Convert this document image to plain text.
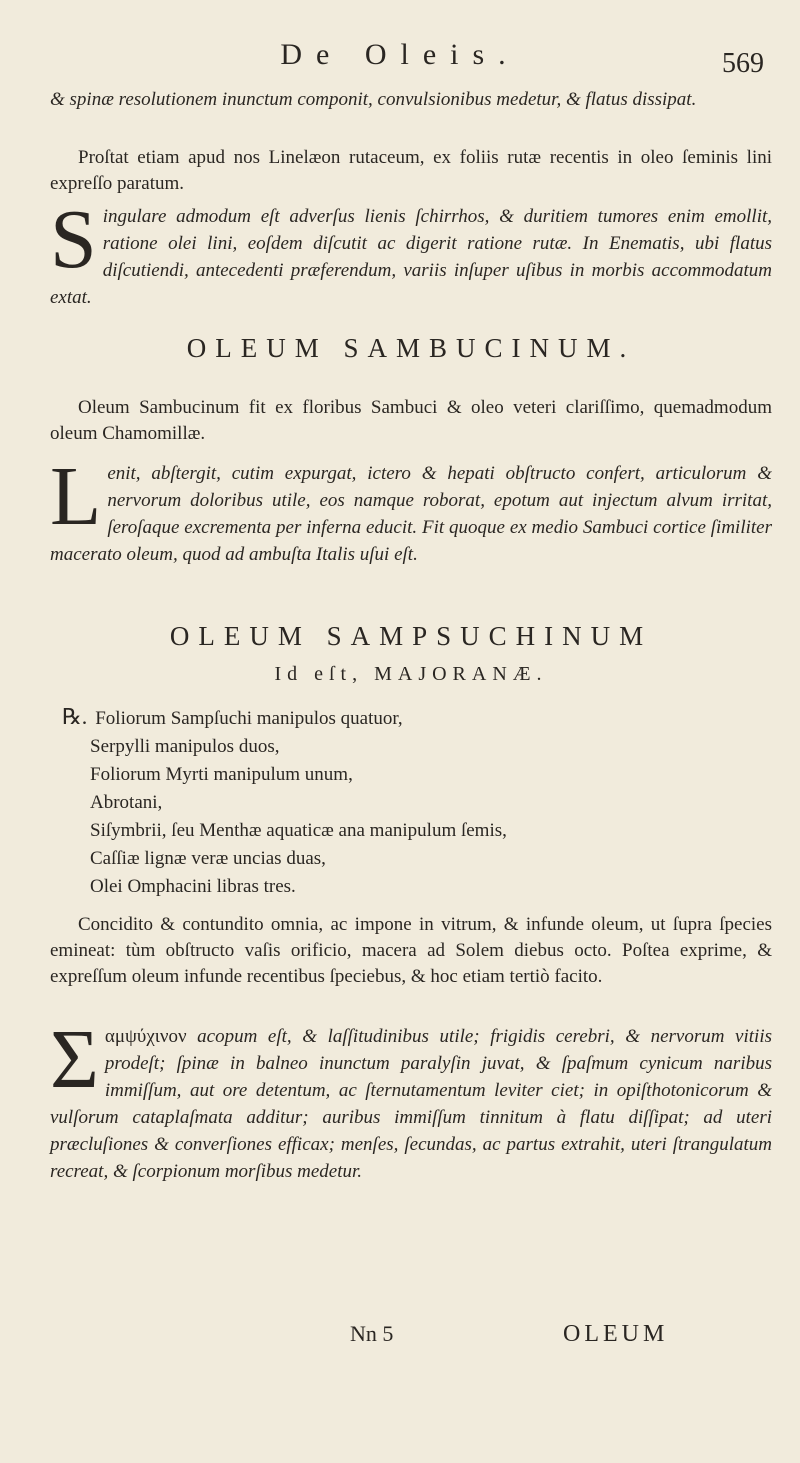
De Oleis.	569
& spinæ resolutionem inunctum componit, convulsionibus medetur, & flatus dissipat.
Proſtat etiam apud nos Linelæon rutaceum, ex foliis rutæ recentis in oleo ſeminis lini expreſſo paratum.
Singulare admodum eſt adverſus lienis ſchirrhos, & duritiem tumores enim emollit, ratione olei lini, eoſdem diſcutit ac digerit ratione rutæ. In Enematis, ubi flatus diſcutiendi, antecedenti præferendum, variis inſuper uſibus in morbis accommodatum extat.
OLEUM SAMBUCINUM.
Oleum Sambucinum fit ex floribus Sambuci & oleo veteri clariſſimo, quemadmodum oleum Chamomillæ.
Lenit, abſtergit, cutim expurgat, ictero & hepati obſtructo confert, articulorum & nervorum doloribus utile, eos namque roborat, epotum aut injectum alvum irritat, ſeroſaque excrementa per inferna educit. Fit quoque ex medio Sambuci cortice ſimiliter macerato oleum, quod ad ambuſta Italis uſui eſt.
OLEUM SAMPSUCHINUM
Id eſt, MAJORANÆ.
℞. Foliorum Sampſuchi manipulos quatuor,
Serpylli manipulos duos,
Foliorum Myrti manipulum unum,
Abrotani,
Siſymbrii, ſeu Menthæ aquaticæ ana manipulum ſemis,
Caſſiæ lignæ veræ uncias duas,
Olei Omphacini libras tres.
Concidito & contundito omnia, ac impone in vitrum, & infunde oleum, ut ſupra ſpecies emineat: tùm obſtructo vaſis orificio, macera ad Solem diebus octo. Poſtea exprime, & expreſſum oleum infunde recentibus ſpeciebus, & hoc etiam tertiò facito.
Σαμψύχινον acopum eſt, & laſſitudinibus utile; frigidis cerebri, & nervorum vitiis prodeſt; ſpinæ in balneo inunctum paralyſin juvat, & ſpaſmum cynicum naribus immiſſum, aut ore detentum, ac ſternutamentum leviter ciet; in opiſthotonicorum & vulſorum cataplaſmata additur; auribus immiſſum tinnitum à flatu diſſipat; ad uteri præcluſiones & converſiones efficax; menſes, ſecundas, ac partus extrahit, uteri ſtrangulatum recreat, & ſcorpionum morſibus medetur.
Nn 5	OLEUM
